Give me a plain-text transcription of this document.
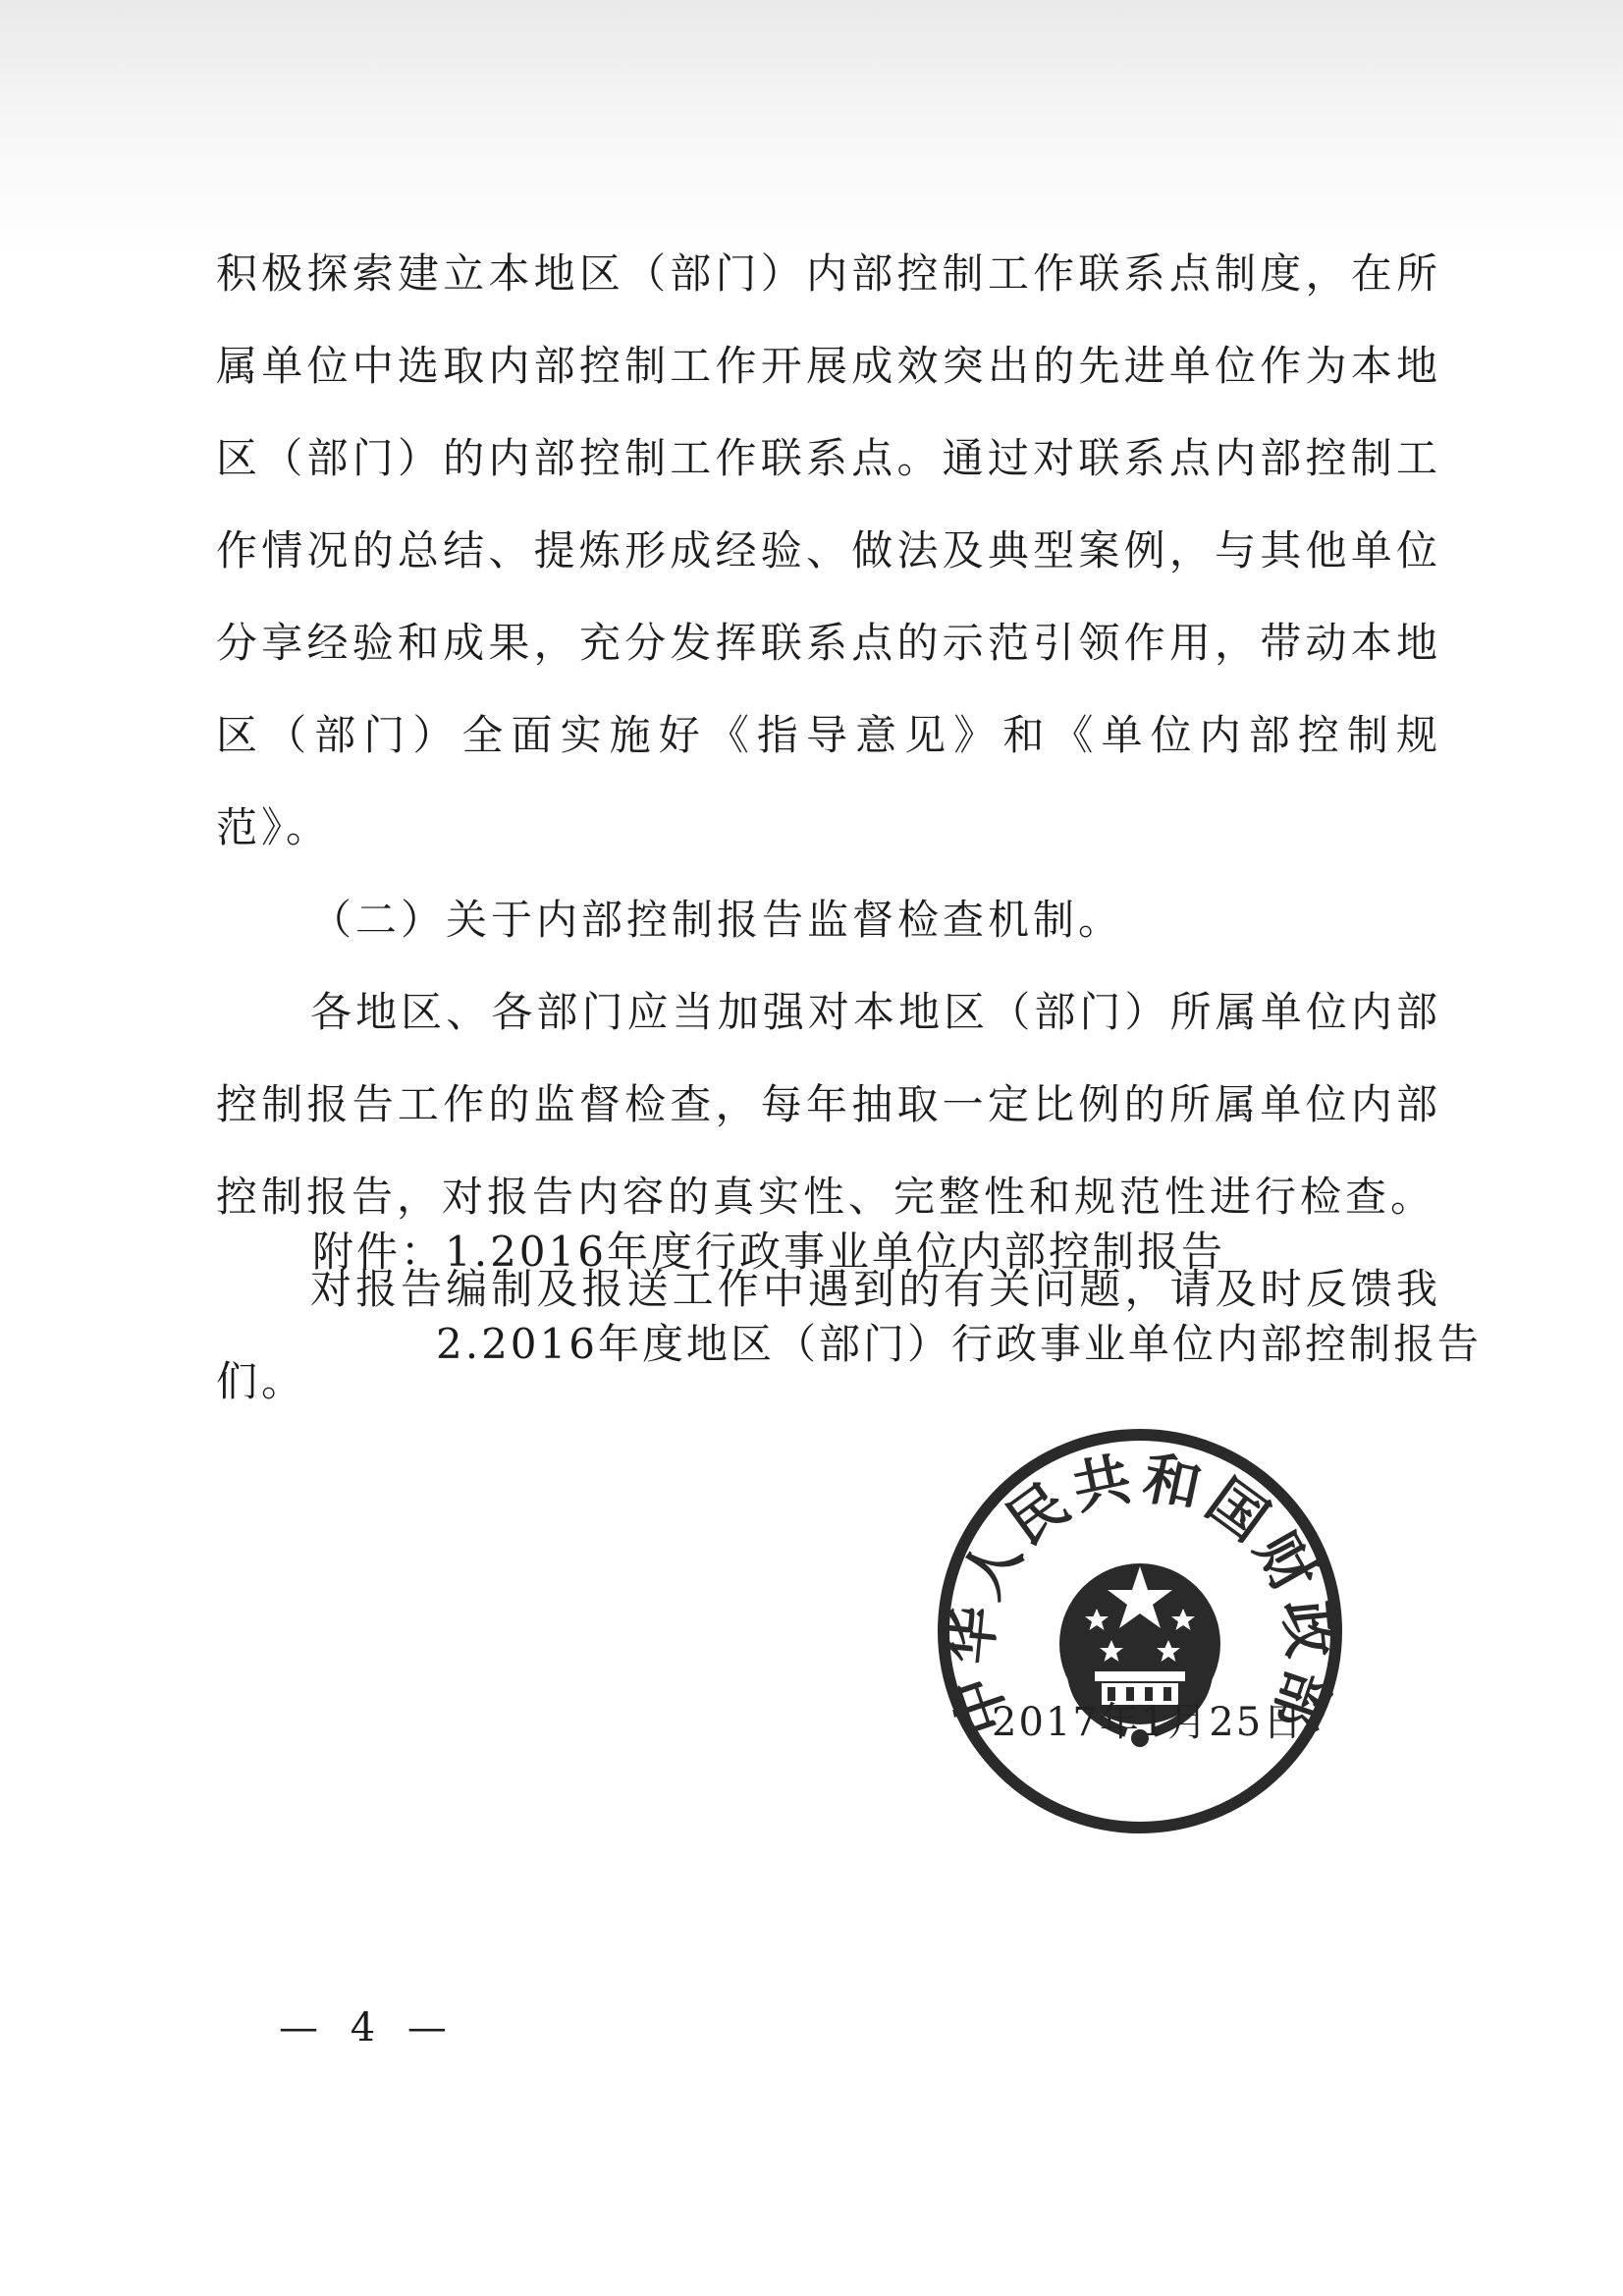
积极探索建立本地区（部门）内部控制工作联系点制度，在所属单位中选取内部控制工作开展成效突出的先进单位作为本地区（部门）的内部控制工作联系点。通过对联系点内部控制工作情况的总结、提炼形成经验、做法及典型案例，与其他单位分享经验和成果，充分发挥联系点的示范引领作用，带动本地区（部门）全面实施好《指导意见》和《单位内部控制规范》。

（二）关于内部控制报告监督检查机制。

各地区、各部门应当加强对本地区（部门）所属单位内部控制报告工作的监督检查，每年抽取一定比例的所属单位内部控制报告，对报告内容的真实性、完整性和规范性进行检查。

对报告编制及报送工作中遇到的有关问题，请及时反馈我们。

附件：1.2016年度行政事业单位内部控制报告
2.2016年度地区（部门）行政事业单位内部控制报告
中华人民共和国财政部
2017年1月25日
— 4 —
